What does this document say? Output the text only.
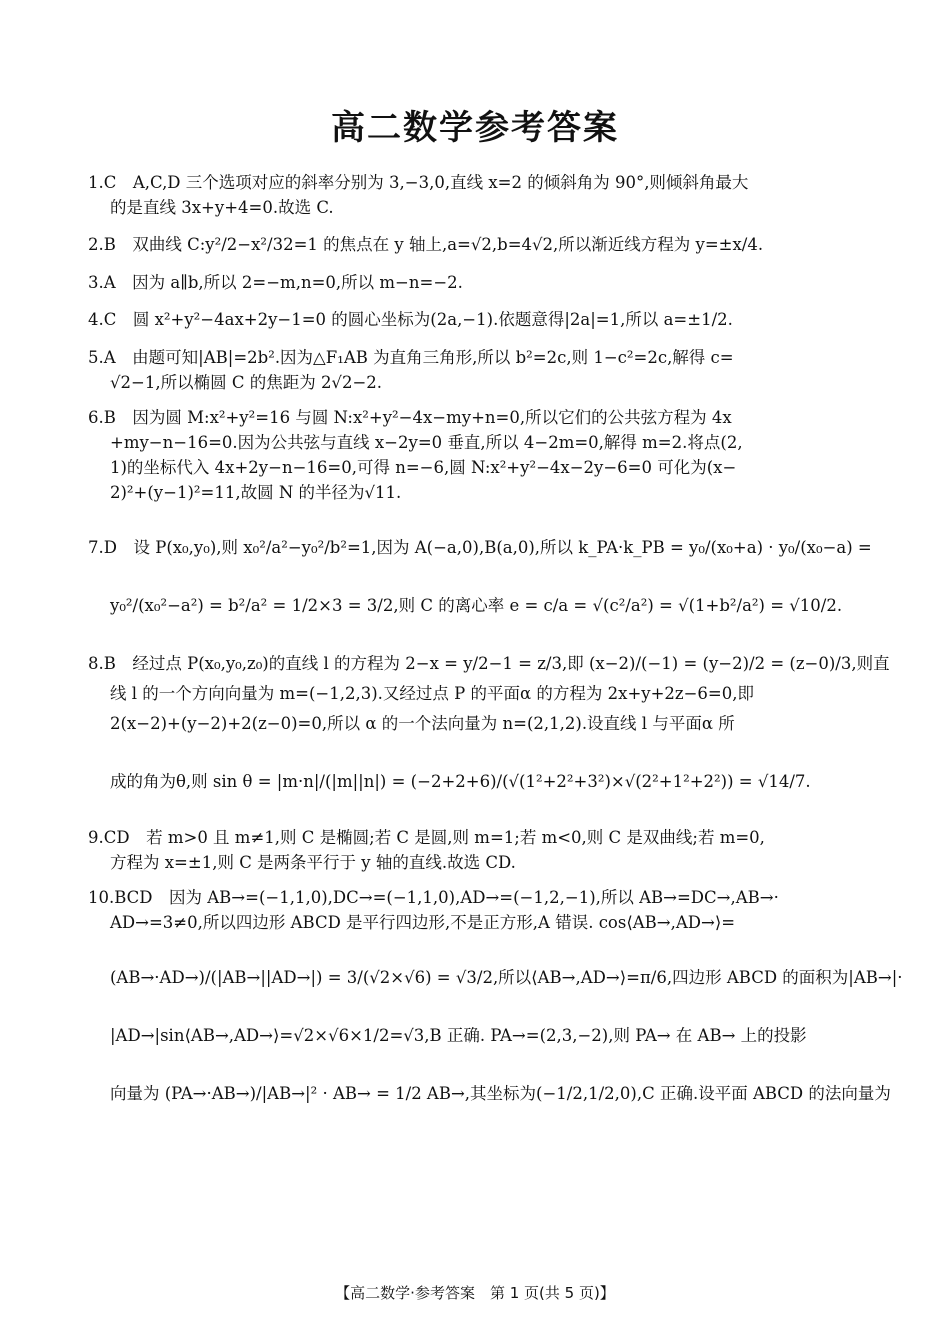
高二数学参考答案
1.C　A,C,D 三个选项对应的斜率分别为 3,−3,0,直线 x=2 的倾斜角为 90°,则倾斜角最大
的是直线 3x+y+4=0.故选 C.
2.B　双曲线 C:y²/2−x²/32=1 的焦点在 y 轴上,a=√2,b=4√2,所以渐近线方程为 y=±x/4.
3.A　因为 a∥b,所以 2=−m,n=0,所以 m−n=−2.
4.C　圆 x²+y²−4ax+2y−1=0 的圆心坐标为(2a,−1).依题意得|2a|=1,所以 a=±1/2.
5.A　由题可知|AB|=2b².因为△F₁AB 为直角三角形,所以 b²=2c,则 1−c²=2c,解得 c=
√2−1,所以椭圆 C 的焦距为 2√2−2.
6.B　因为圆 M:x²+y²=16 与圆 N:x²+y²−4x−my+n=0,所以它们的公共弦方程为 4x
+my−n−16=0.因为公共弦与直线 x−2y=0 垂直,所以 4−2m=0,解得 m=2.将点(2,
1)的坐标代入 4x+2y−n−16=0,可得 n=−6,圆 N:x²+y²−4x−2y−6=0 可化为(x−
2)²+(y−1)²=11,故圆 N 的半径为√11.
7.D　设 P(x₀,y₀),则 x₀²/a²−y₀²/b²=1,因为 A(−a,0),B(a,0),所以 k_PA·k_PB = y₀/(x₀+a) · y₀/(x₀−a) =
y₀²/(x₀²−a²) = b²/a² = 1/2×3 = 3/2,则 C 的离心率 e = c/a = √(c²/a²) = √(1+b²/a²) = √10/2.
8.B　经过点 P(x₀,y₀,z₀)的直线 l 的方程为 2−x = y/2−1 = z/3,即 (x−2)/(−1) = (y−2)/2 = (z−0)/3,则直
线 l 的一个方向向量为 m=(−1,2,3).又经过点 P 的平面α 的方程为 2x+y+2z−6=0,即
2(x−2)+(y−2)+2(z−0)=0,所以 α 的一个法向量为 n=(2,1,2).设直线 l 与平面α 所
成的角为θ,则 sin θ = |m·n|/(|m||n|) = (−2+2+6)/(√(1²+2²+3²)×√(2²+1²+2²)) = √14/7.
9.CD　若 m>0 且 m≠1,则 C 是椭圆;若 C 是圆,则 m=1;若 m<0,则 C 是双曲线;若 m=0,
方程为 x=±1,则 C 是两条平行于 y 轴的直线.故选 CD.
10.BCD　因为 AB→=(−1,1,0),DC→=(−1,1,0),AD→=(−1,2,−1),所以 AB→=DC→,AB→·
AD→=3≠0,所以四边形 ABCD 是平行四边形,不是正方形,A 错误. cos⟨AB→,AD→⟩=
(AB→·AD→)/(|AB→||AD→|) = 3/(√2×√6) = √3/2,所以⟨AB→,AD→⟩=π/6,四边形 ABCD 的面积为|AB→|·
|AD→|sin⟨AB→,AD→⟩=√2×√6×1/2=√3,B 正确. PA→=(2,3,−2),则 PA→ 在 AB→ 上的投影
向量为 (PA→·AB→)/|AB→|² · AB→ = 1/2 AB→,其坐标为(−1/2,1/2,0),C 正确.设平面 ABCD 的法向量为
【高二数学·参考答案　第 1 页(共 5 页)】
